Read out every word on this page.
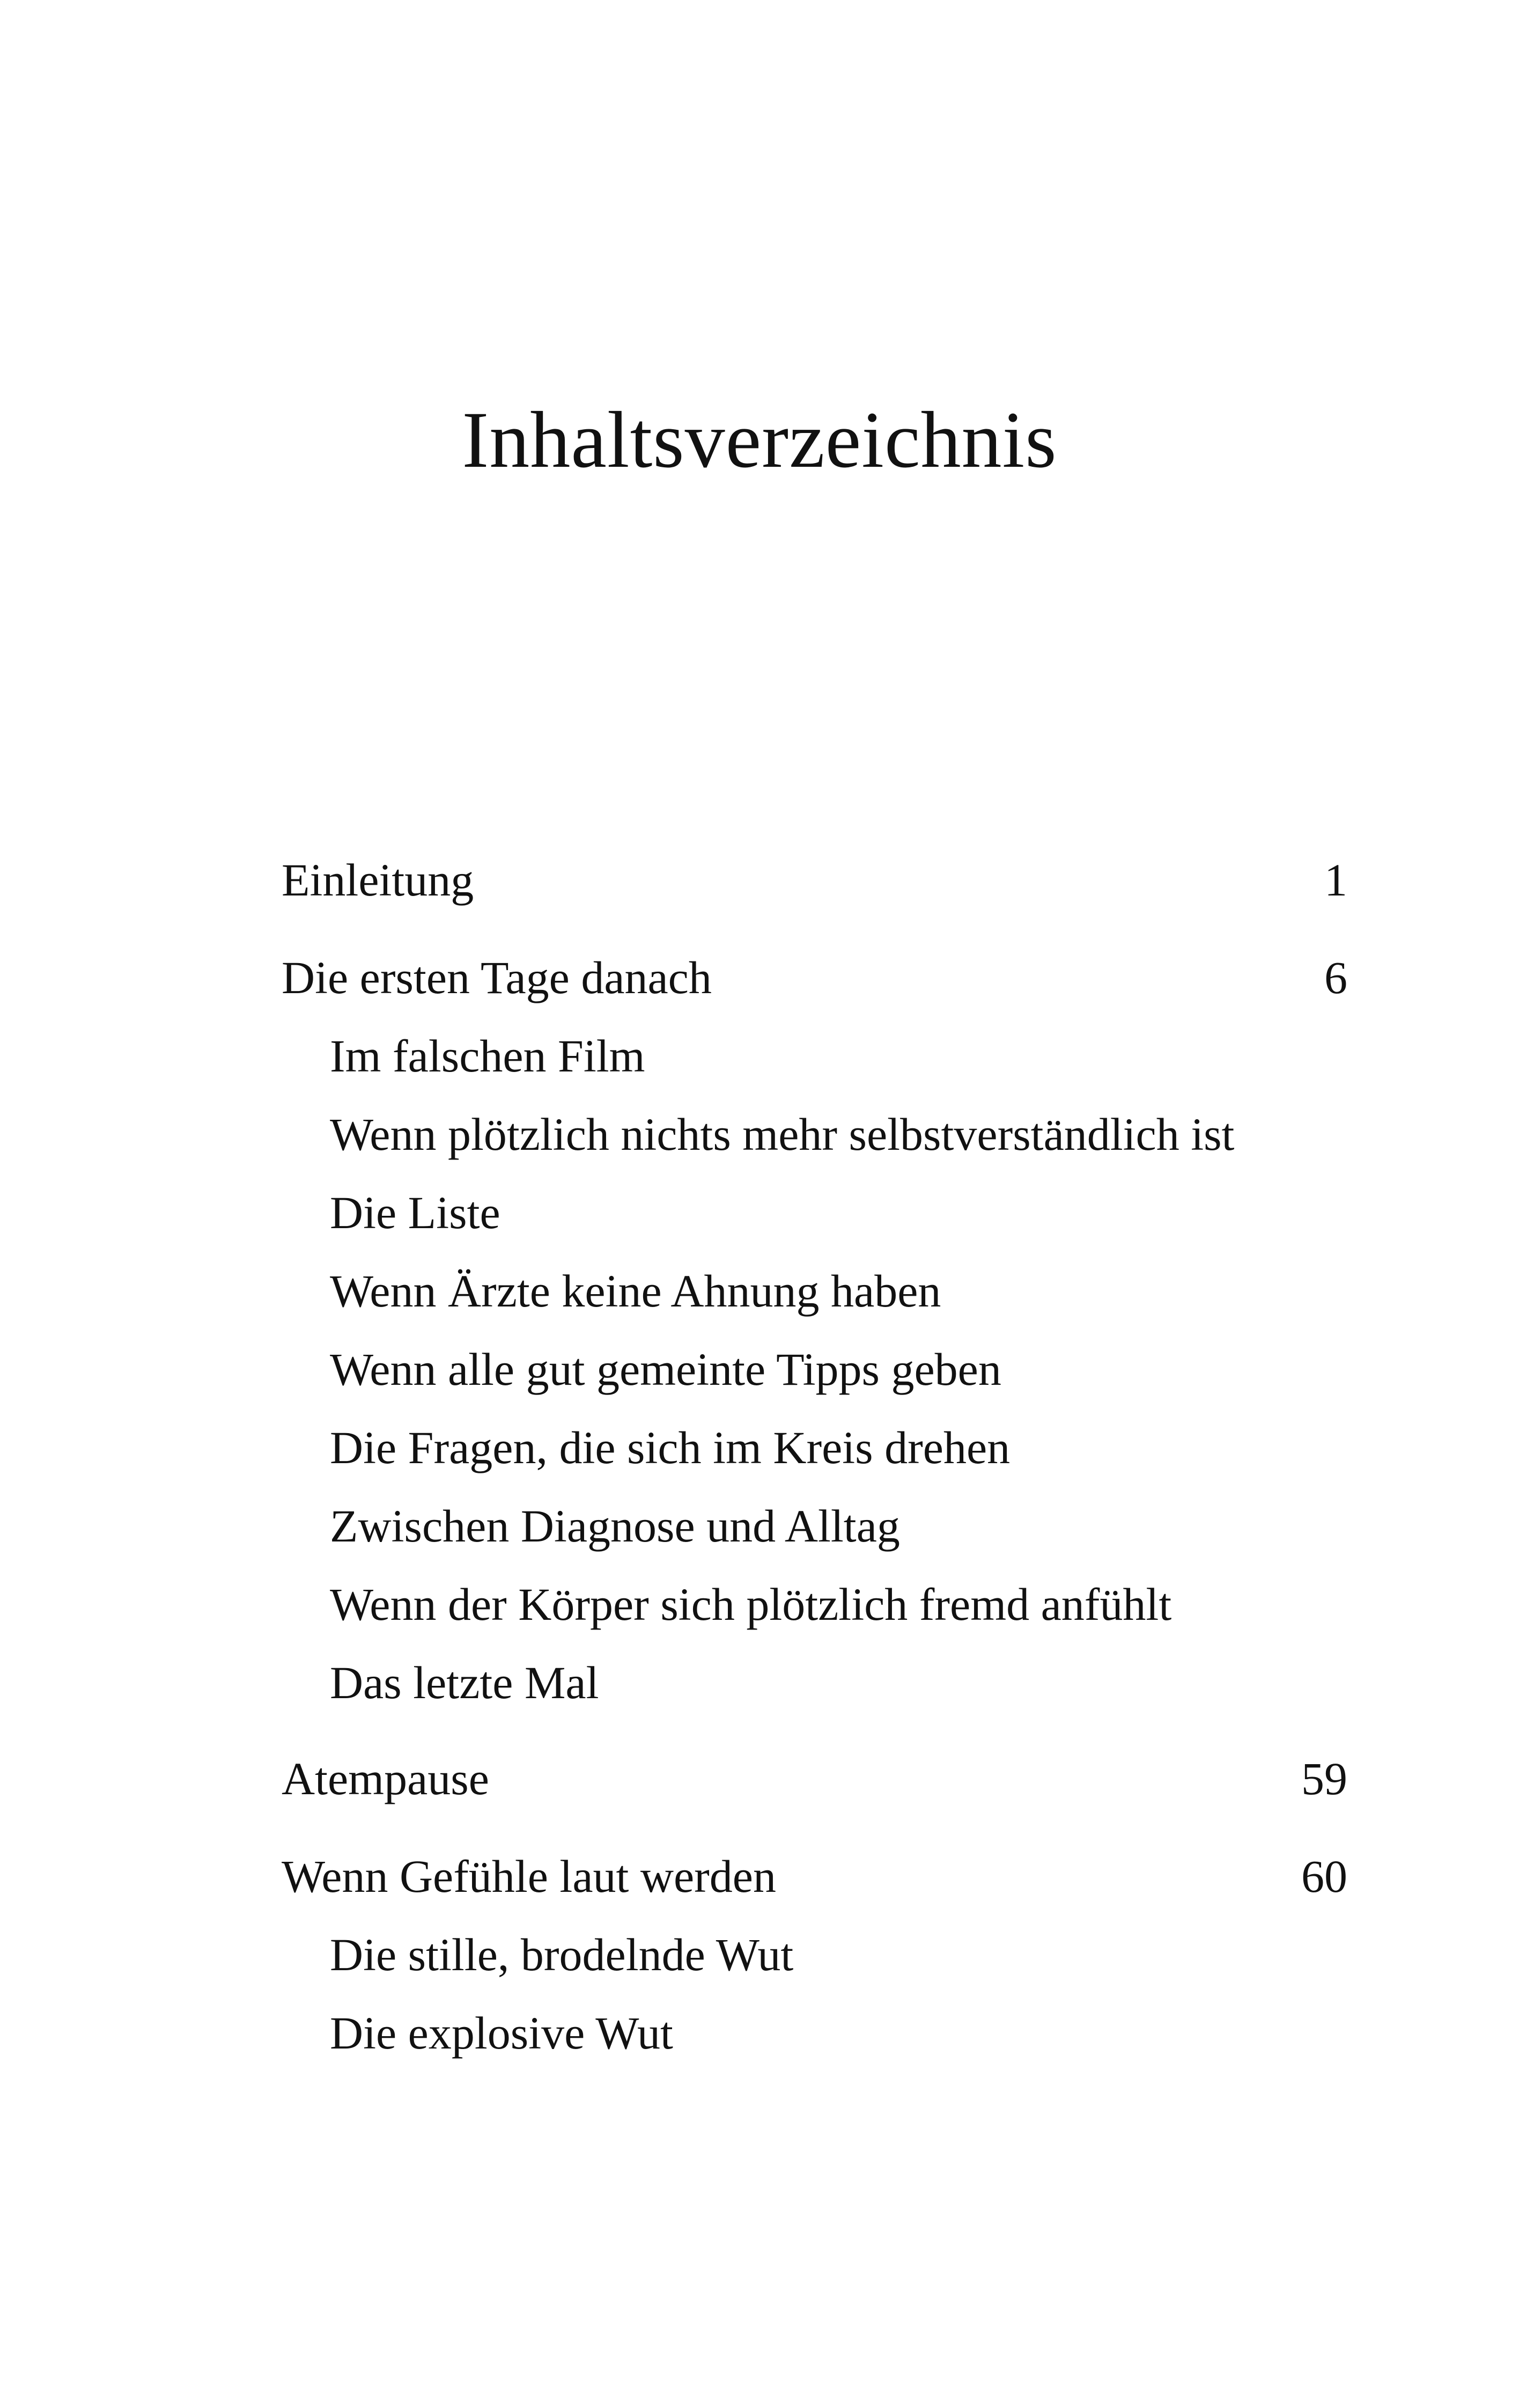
Inhaltsverzeichnis
Einleitung	1
Die ersten Tage danach	6
Im falschen Film
Wenn plötzlich nichts mehr selbstverständlich ist
Die Liste
Wenn Ärzte keine Ahnung haben
Wenn alle gut gemeinte Tipps geben
Die Fragen, die sich im Kreis drehen
Zwischen Diagnose und Alltag
Wenn der Körper sich plötzlich fremd anfühlt
Das letzte Mal
Atempause	59
Wenn Gefühle laut werden	60
Die stille, brodelnde Wut
Die explosive Wut
